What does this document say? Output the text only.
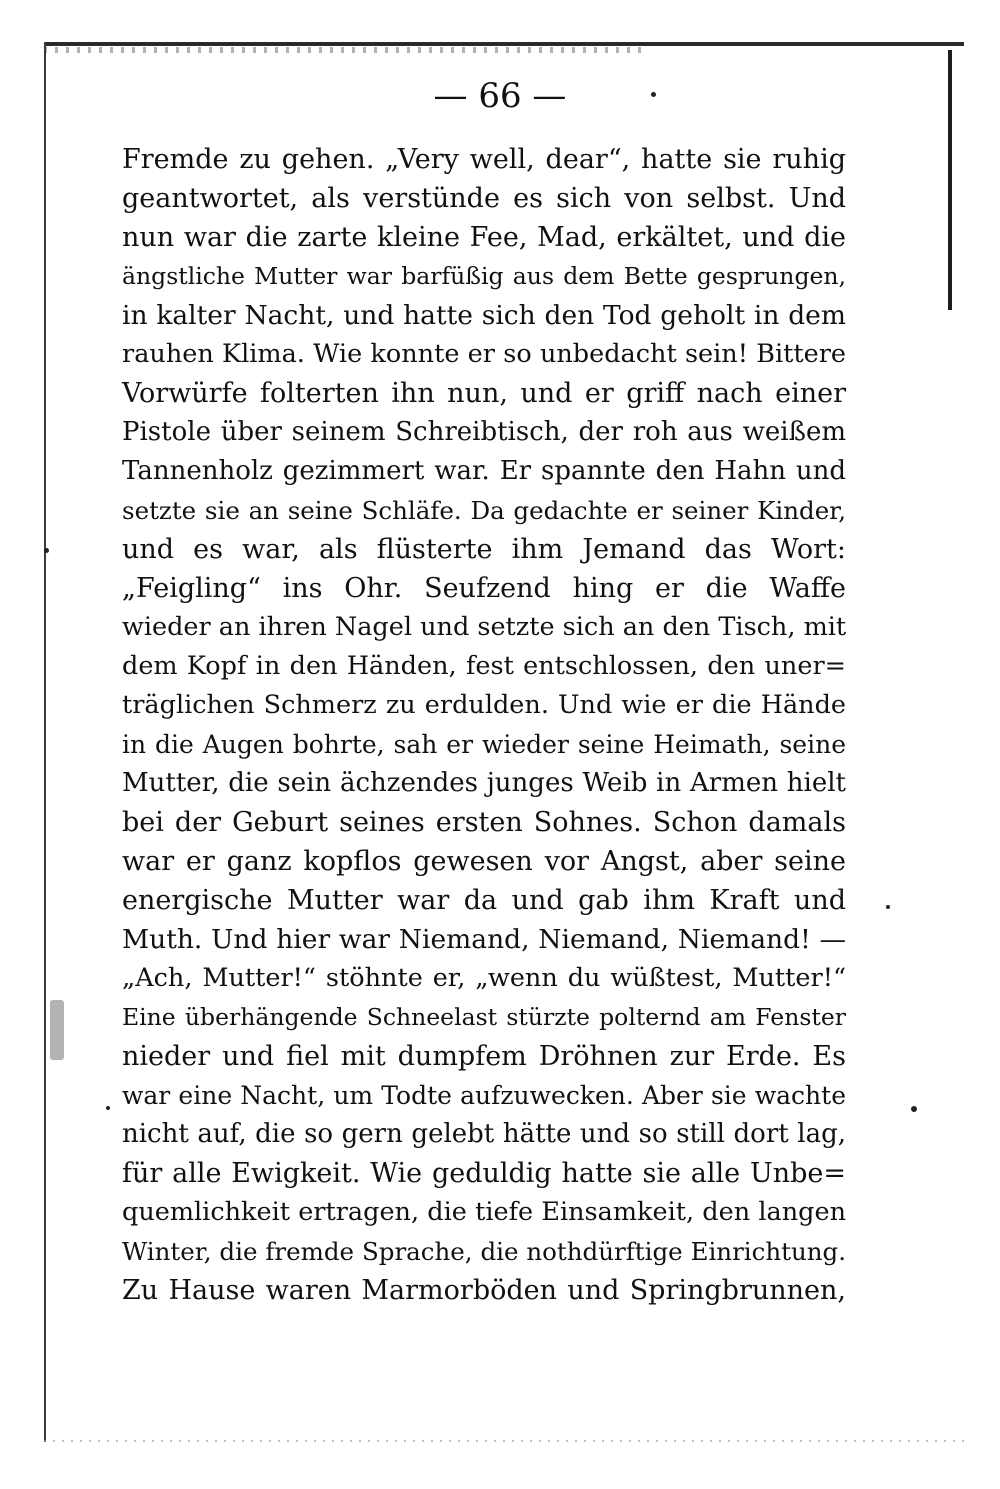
— 66 —
Fremde zu gehen. „Very well, dear“, hatte sie ruhig
geantwortet, als verstünde es sich von selbst. Und
nun war die zarte kleine Fee, Mad, erkältet, und die
ängstliche Mutter war barfüßig aus dem Bette gesprungen,
in kalter Nacht, und hatte sich den Tod geholt in dem
rauhen Klima. Wie konnte er so unbedacht sein! Bittere
Vorwürfe folterten ihn nun, und er griff nach einer
Pistole über seinem Schreibtisch, der roh aus weißem
Tannenholz gezimmert war. Er spannte den Hahn und
setzte sie an seine Schläfe. Da gedachte er seiner Kinder,
und es war, als flüsterte ihm Jemand das Wort:
„Feigling“ ins Ohr. Seufzend hing er die Waffe
wieder an ihren Nagel und setzte sich an den Tisch, mit
dem Kopf in den Händen, fest entschlossen, den uner=
träglichen Schmerz zu erdulden. Und wie er die Hände
in die Augen bohrte, sah er wieder seine Heimath, seine
Mutter, die sein ächzendes junges Weib in Armen hielt
bei der Geburt seines ersten Sohnes. Schon damals
war er ganz kopflos gewesen vor Angst, aber seine
energische Mutter war da und gab ihm Kraft und
Muth. Und hier war Niemand, Niemand, Niemand! —
„Ach, Mutter!“ stöhnte er, „wenn du wüßtest, Mutter!“
Eine überhängende Schneelast stürzte polternd am Fenster
nieder und fiel mit dumpfem Dröhnen zur Erde. Es
war eine Nacht, um Todte aufzuwecken. Aber sie wachte
nicht auf, die so gern gelebt hätte und so still dort lag,
für alle Ewigkeit. Wie geduldig hatte sie alle Unbe=
quemlichkeit ertragen, die tiefe Einsamkeit, den langen
Winter, die fremde Sprache, die nothdürftige Einrichtung.
Zu Hause waren Marmorböden und Springbrunnen,
